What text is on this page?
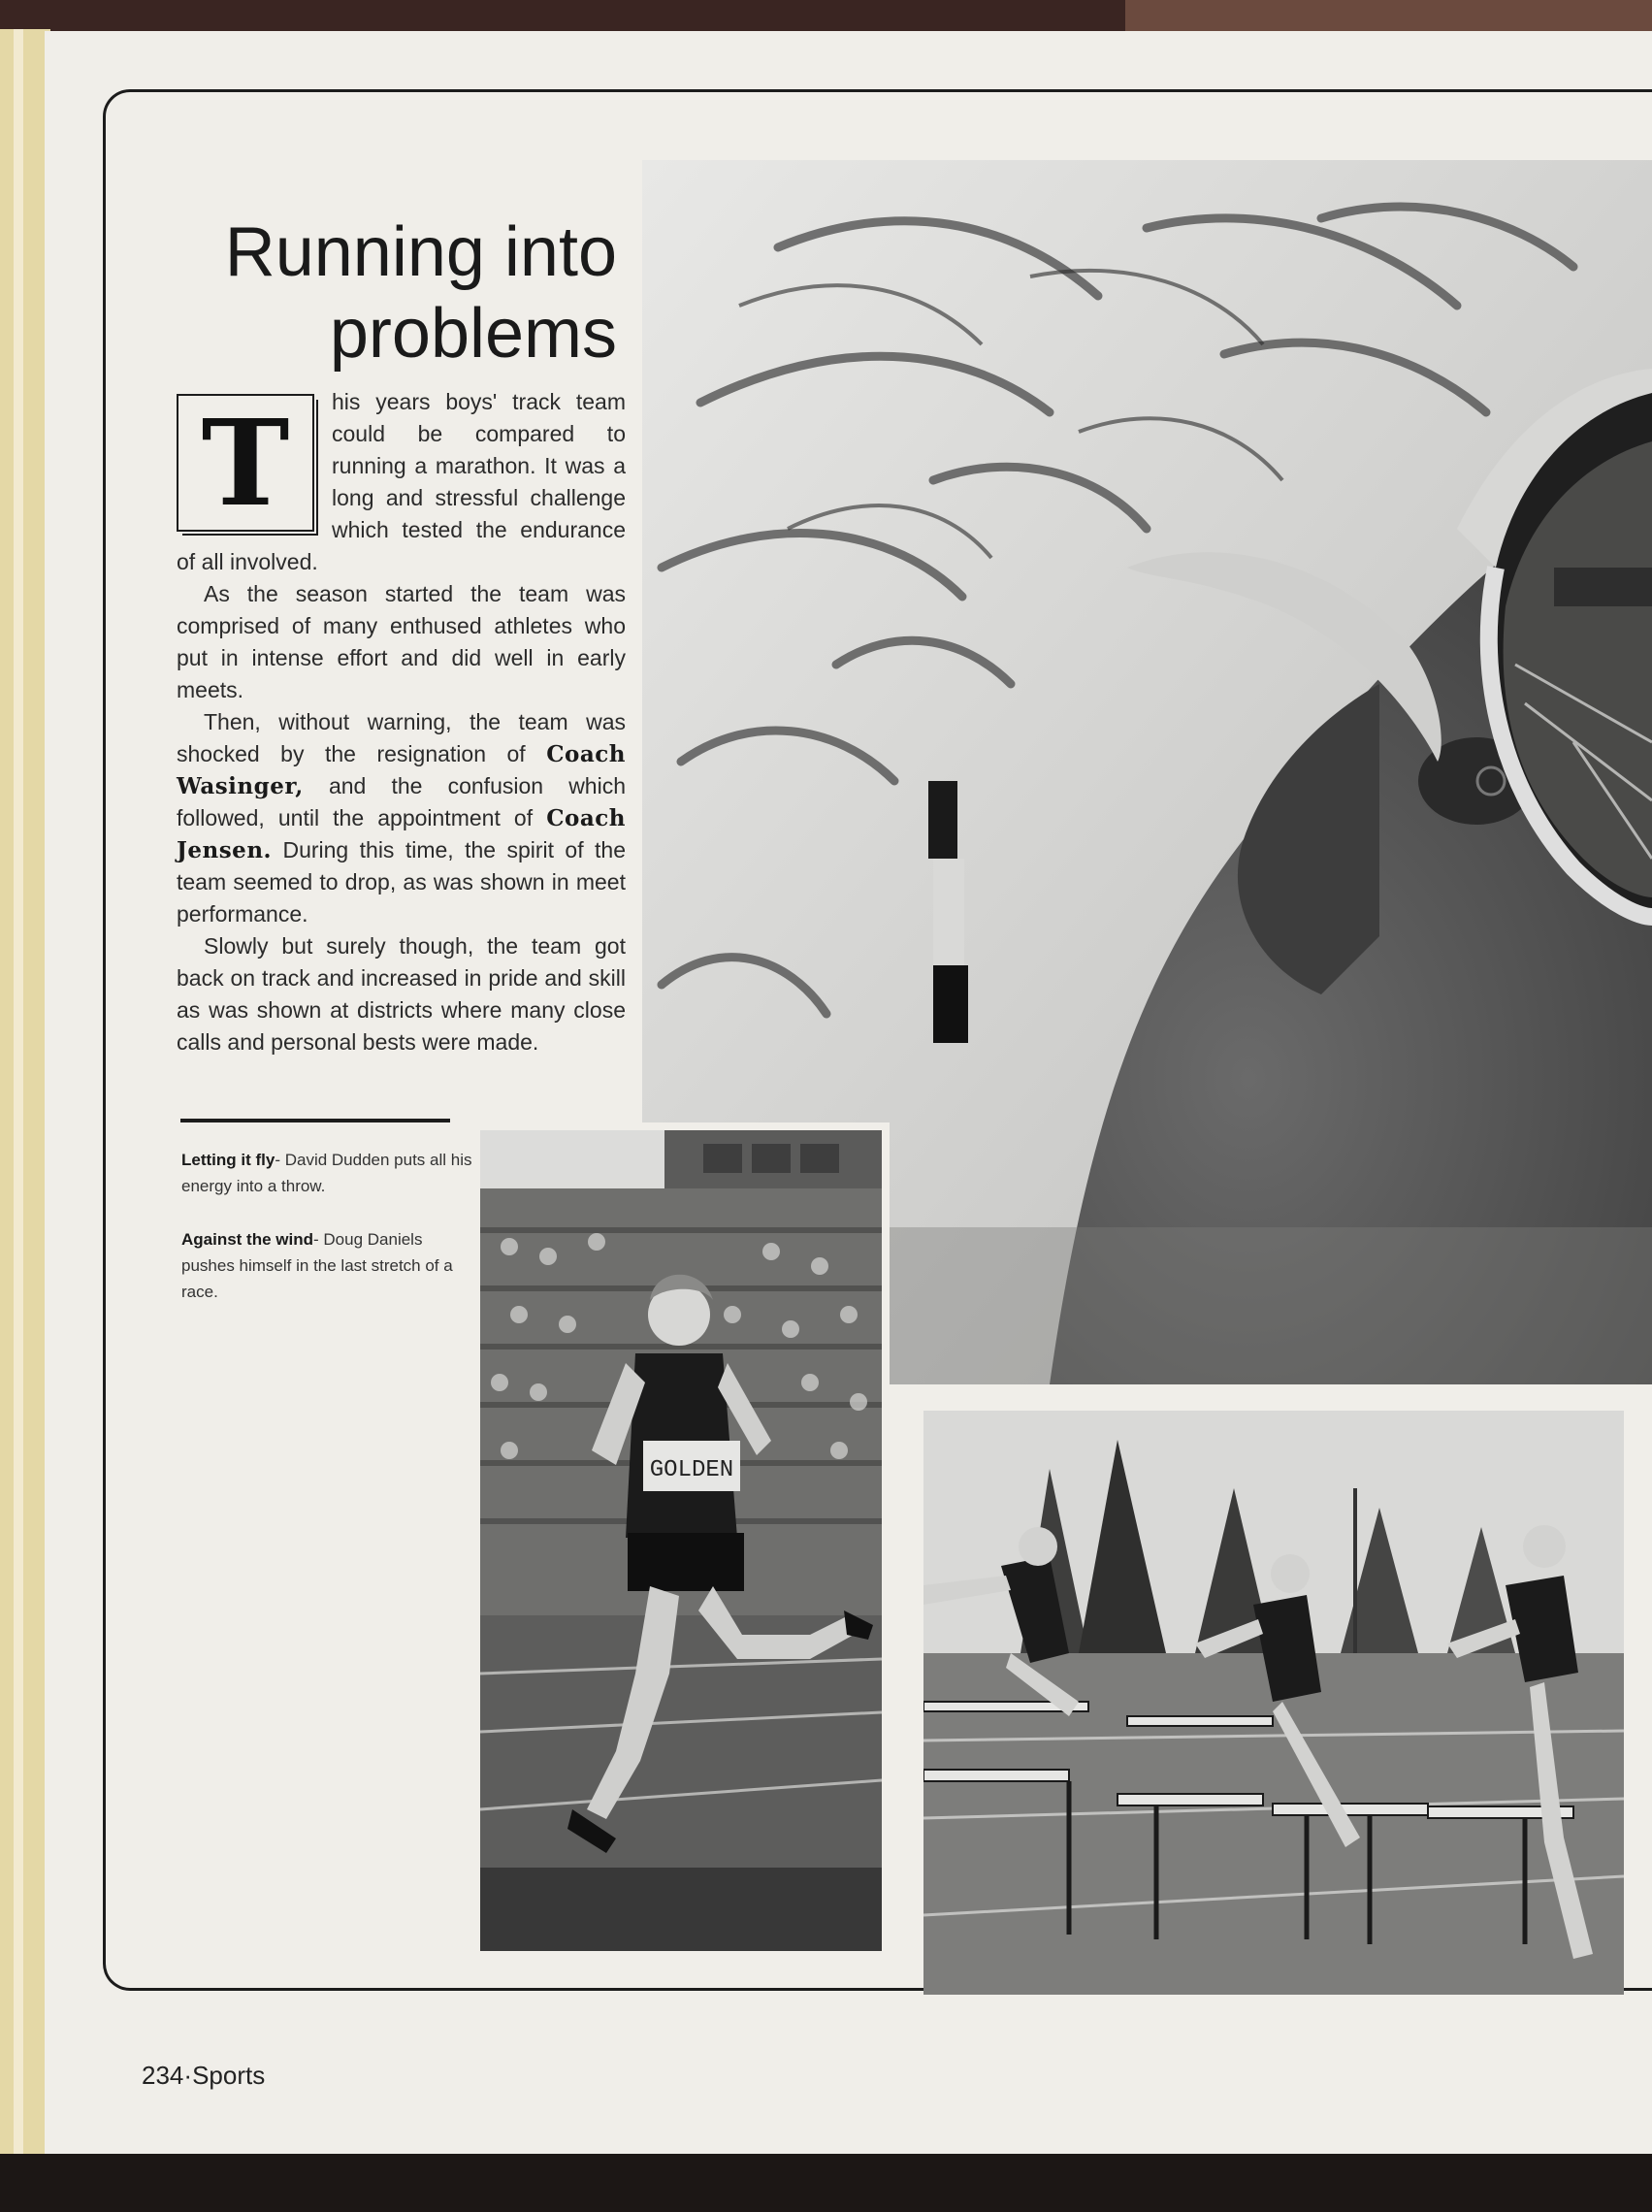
Running into
problems

T	his years boys' track team could be compared to running a marathon. It was a long and stressful challenge which tested the endurance of all involved.

As the season started the team was comprised of many enthused athletes who put in intense effort and did well in early meets.

Then, without warning, the team was shocked by the resignation of Coach Wasinger, and the confusion which followed, until the appointment of Coach Jensen. During this time, the spirit of the team seemed to drop, as was shown in meet performance.

Slowly but surely though, the team got back on track and increased in pride and skill as was shown at districts where many close calls and personal bests were made.

Letting it fly- David Dudden puts all his energy into a throw.

Against the wind- Doug Daniels pushes himself in the last stretch of a race.

GOLDEN
234·Sports
